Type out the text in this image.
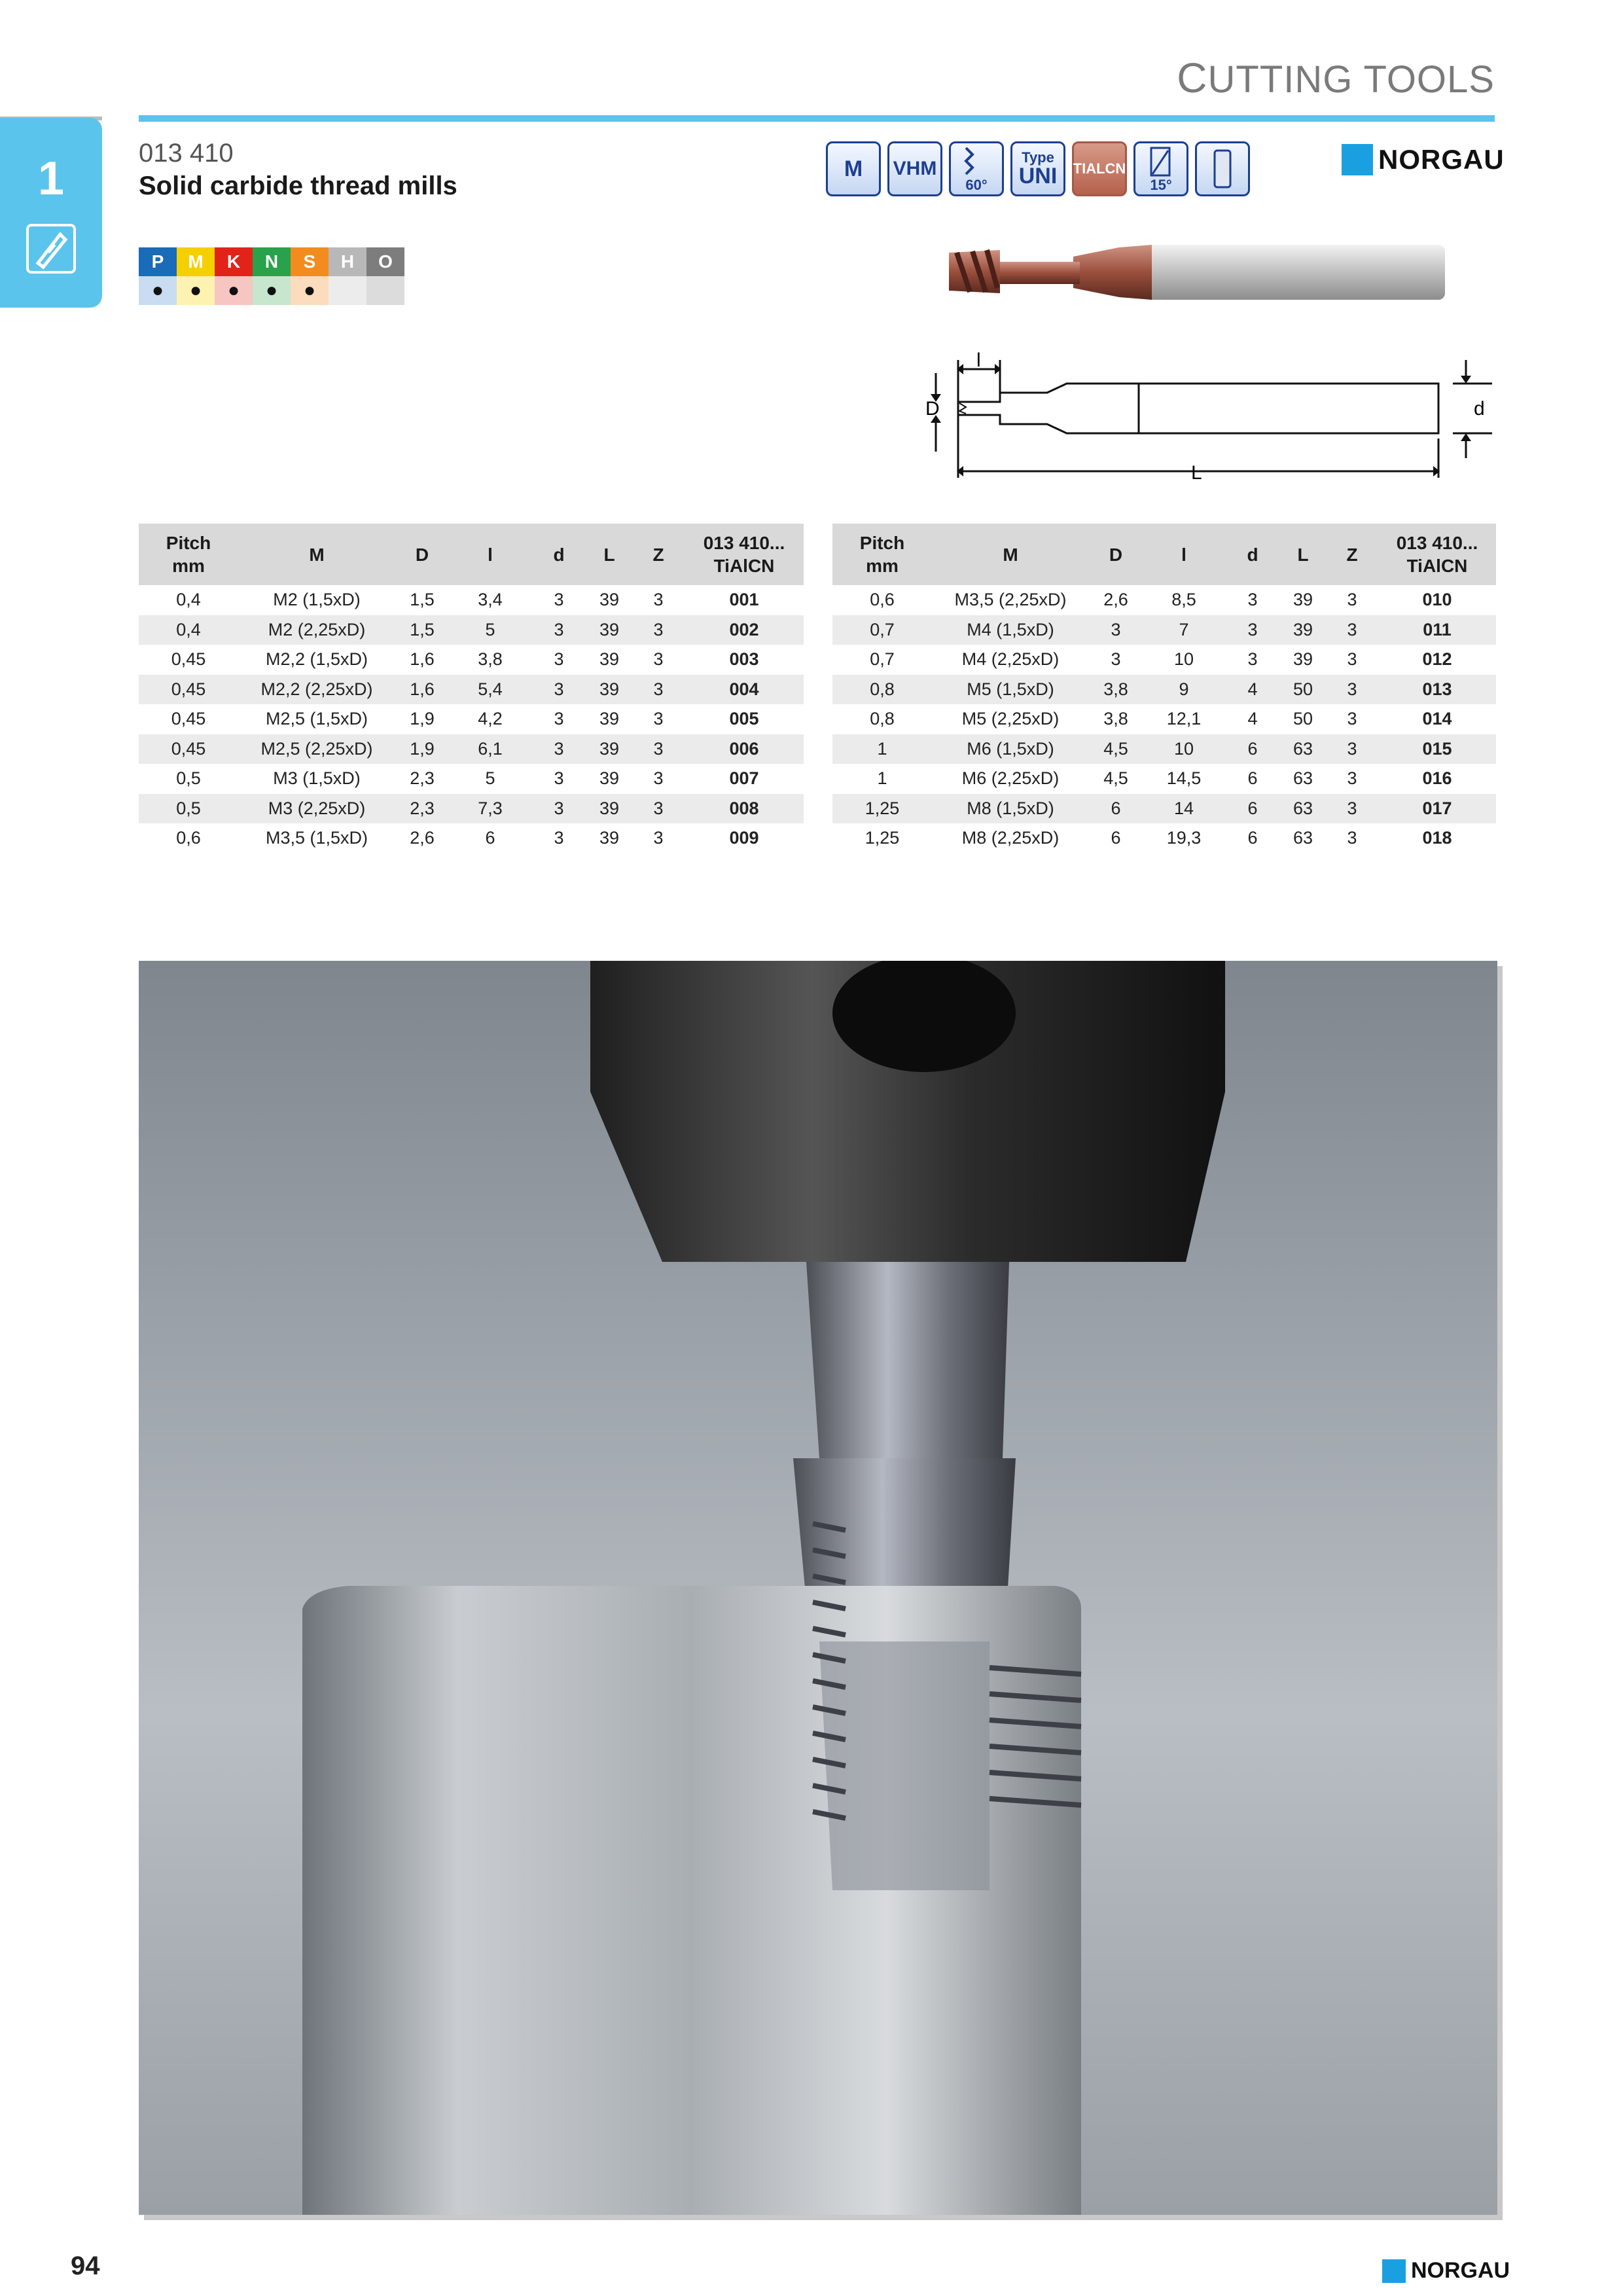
CUTTING TOOLS
1	013 410
Solid carbide thread mills
P	M	K	N	S	H	O
●	●	●	●	●		
M VHM
60°
Type
UNI TIALCN
15°
NORGAU
l
D	d
L
Pitch
mm	M	D	l	d	L	Z	013 410...
TiAlCN
0,4	M2 (1,5xD)	1,5	3,4	3	39	3	001
0,4	M2 (2,25xD)	1,5	5	3	39	3	002
0,45	M2,2 (1,5xD)	1,6	3,8	3	39	3	003
0,45	M2,2 (2,25xD)	1,6	5,4	3	39	3	004
0,45	M2,5 (1,5xD)	1,9	4,2	3	39	3	005
0,45	M2,5 (2,25xD)	1,9	6,1	3	39	3	006
0,5	M3 (1,5xD)	2,3	5	3	39	3	007
0,5	M3 (2,25xD)	2,3	7,3	3	39	3	008
0,6	M3,5 (1,5xD)	2,6	6	3	39	3	009
Pitch
mm	M	D	l	d	L	Z	013 410...
TiAlCN
0,6	M3,5 (2,25xD)	2,6	8,5	3	39	3	010
0,7	M4 (1,5xD)	3	7	3	39	3	011
0,7	M4 (2,25xD)	3	10	3	39	3	012
0,8	M5 (1,5xD)	3,8	9	4	50	3	013
0,8	M5 (2,25xD)	3,8	12,1	4	50	3	014
1	M6 (1,5xD)	4,5	10	6	63	3	015
1	M6 (2,25xD)	4,5	14,5	6	63	3	016
1,25	M8 (1,5xD)	6	14	6	63	3	017
1,25	M8 (2,25xD)	6	19,3	6	63	3	018
94	NORGAU
